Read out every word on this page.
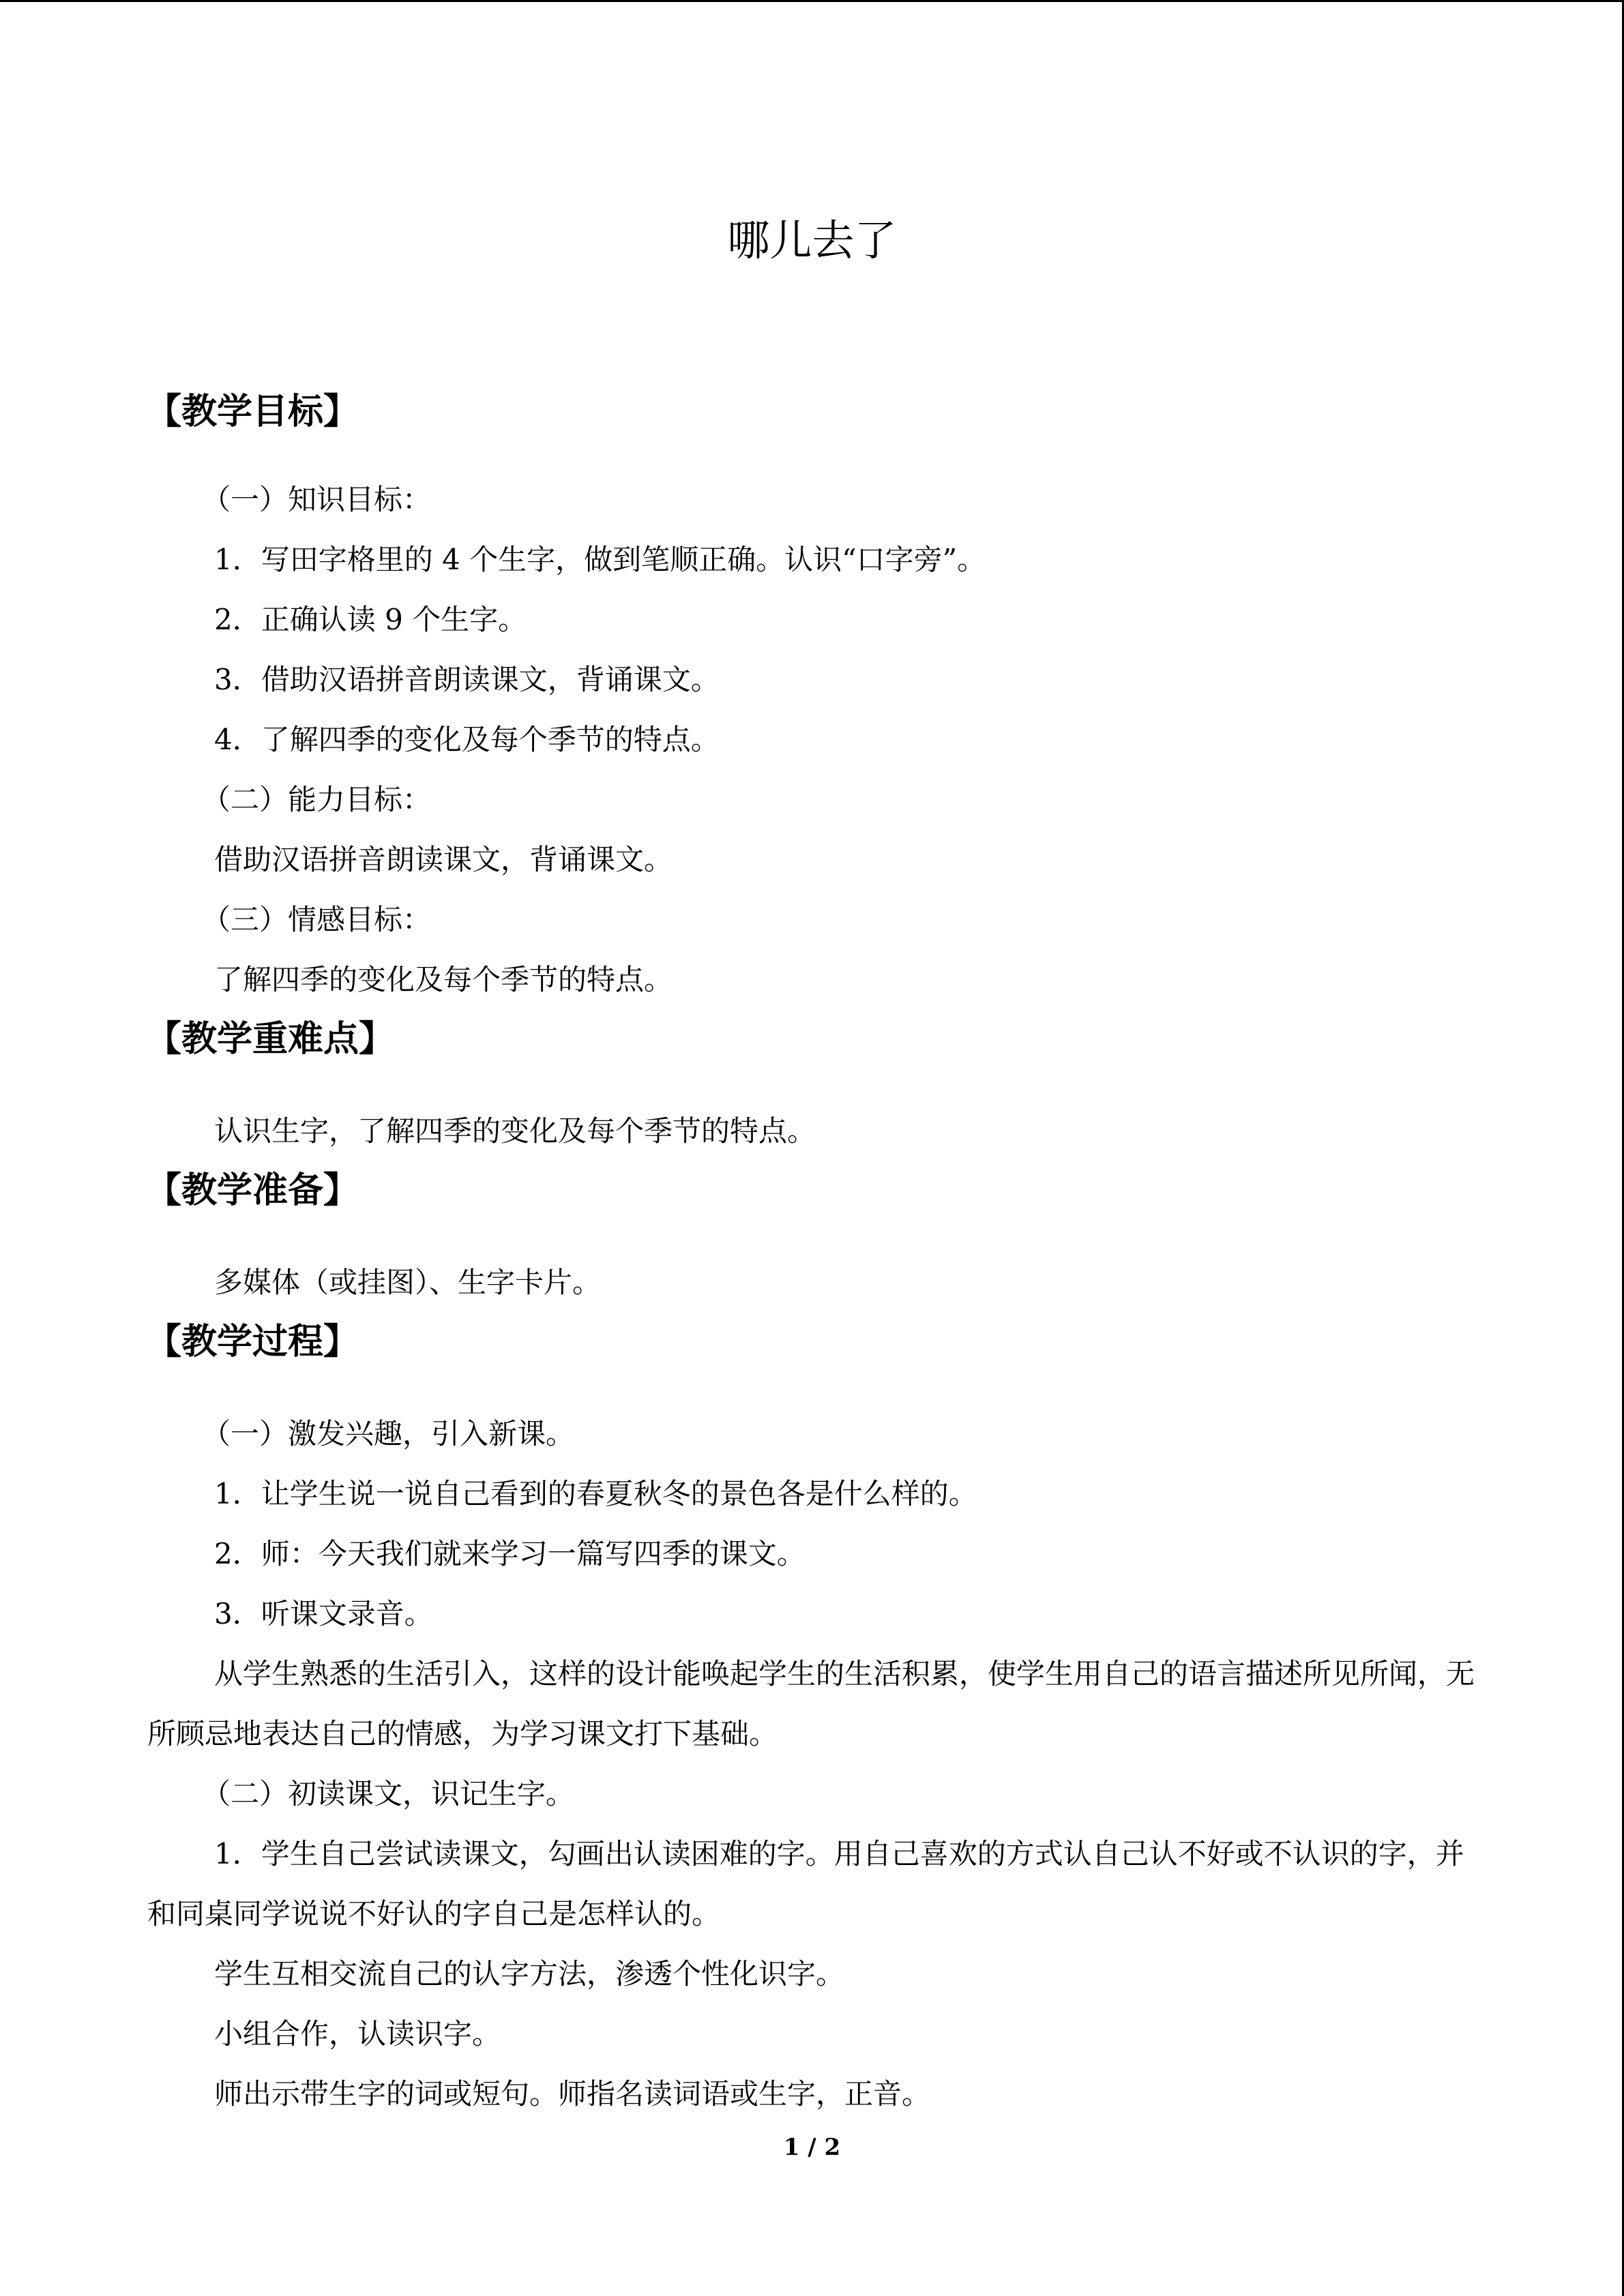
哪儿去了
【教学目标】

（一）知识目标：

1．写田字格里的 4 个生字，做到笔顺正确。认识“口字旁”。

2．正确认读 9 个生字。

3．借助汉语拼音朗读课文，背诵课文。

4．了解四季的变化及每个季节的特点。

（二）能力目标：

借助汉语拼音朗读课文，背诵课文。

（三）情感目标：

了解四季的变化及每个季节的特点。

【教学重难点】

认识生字，了解四季的变化及每个季节的特点。

【教学准备】

多媒体（或挂图）、生字卡片。

【教学过程】

（一）激发兴趣，引入新课。

1．让学生说一说自己看到的春夏秋冬的景色各是什么样的。

2．师：今天我们就来学习一篇写四季的课文。

3．听课文录音。

从学生熟悉的生活引入，这样的设计能唤起学生的生活积累，使学生用自己的语言描述所见所闻，无所顾忌地表达自己的情感，为学习课文打下基础。

（二）初读课文，识记生字。

1．学生自己尝试读课文，勾画出认读困难的字。用自己喜欢的方式认自己认不好或不认识的字，并和同桌同学说说不好认的字自己是怎样认的。

学生互相交流自己的认字方法，渗透个性化识字。

小组合作，认读识字。

师出示带生字的词或短句。师指名读词语或生字，正音。

1 / 2
